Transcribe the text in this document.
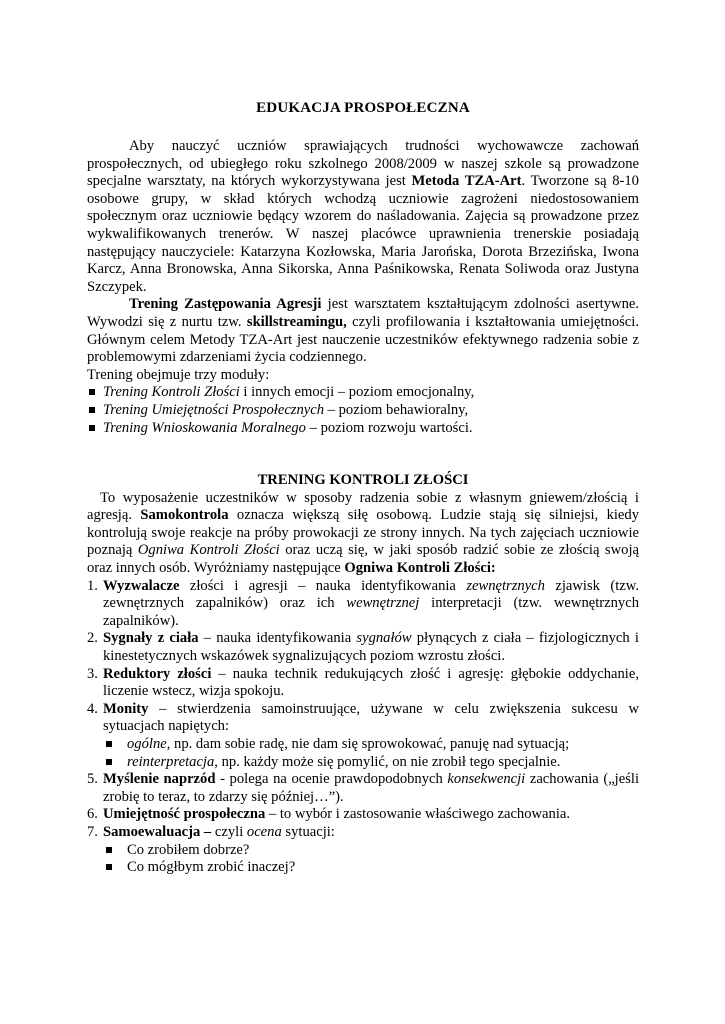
EDUKACJA PROSPOŁECZNA

Aby nauczyć uczniów sprawiających trudności wychowawcze zachowań prospołecznych, od ubiegłego roku szkolnego 2008/2009 w naszej szkole są prowadzone specjalne warsztaty, na których wykorzystywana jest Metoda TZA-Art. Tworzone są 8-10 osobowe grupy, w skład których wchodzą uczniowie zagrożeni niedostosowaniem społecznym oraz uczniowie będący wzorem do naśladowania. Zajęcia są prowadzone przez wykwalifikowanych trenerów. W naszej placówce uprawnienia trenerskie posiadają następujący nauczyciele: Katarzyna Kozłowska, Maria Jarońska, Dorota Brzezińska, Iwona Karcz, Anna Bronowska, Anna Sikorska, Anna Paśnikowska, Renata Soliwoda oraz Justyna Szczypek.

Trening Zastępowania Agresji jest warsztatem kształtującym zdolności asertywne. Wywodzi się z nurtu tzw. skillstreamingu, czyli profilowania i kształtowania umiejętności. Głównym celem Metody TZA-Art jest nauczenie uczestników efektywnego radzenia sobie z problemowymi zdarzeniami życia codziennego.

Trening obejmuje trzy moduły:

Trening Kontroli Złości i innych emocji – poziom emocjonalny,
Trening Umiejętności Prospołecznych – poziom behawioralny,
Trening Wnioskowania Moralnego – poziom rozwoju wartości.
TRENING KONTROLI ZŁOŚCI

To wyposażenie uczestników w sposoby radzenia sobie z własnym gniewem/złością i agresją. Samokontrola oznacza większą siłę osobową. Ludzie stają się silniejsi, kiedy kontrolują swoje reakcje na próby prowokacji ze strony innych. Na tych zajęciach uczniowie poznają Ogniwa Kontroli Złości oraz uczą się, w jaki sposób radzić sobie ze złością swoją oraz innych osób. Wyróżniamy następujące Ogniwa Kontroli Złości:

1. Wyzwalacze złości i agresji – nauka identyfikowania zewnętrznych zjawisk (tzw. zewnętrznych zapalników) oraz ich wewnętrznej interpretacji (tzw. wewnętrznych zapalników).
2. Sygnały z ciała – nauka identyfikowania sygnałów płynących z ciała – fizjologicznych i kinestetycznych wskazówek sygnalizujących poziom wzrostu złości.
3. Reduktory złości – nauka technik redukujących złość i agresję: głębokie oddychanie, liczenie wstecz, wizja spokoju.
4. Monity – stwierdzenia samoinstruujące, używane w celu zwiększenia sukcesu w sytuacjach napiętych:
ogólne, np. dam sobie radę, nie dam się sprowokować, panuję nad sytuacją;
reinterpretacja, np. każdy może się pomylić, on nie zrobił tego specjalnie.
5. Myślenie naprzód - polega na ocenie prawdopodobnych konsekwencji zachowania („jeśli zrobię to teraz, to zdarzy się później…”).
6. Umiejętność prospołeczna – to wybór i zastosowanie właściwego zachowania.
7. Samoewaluacja – czyli ocena sytuacji:
Co zrobiłem dobrze?
Co mógłbym zrobić inaczej?
